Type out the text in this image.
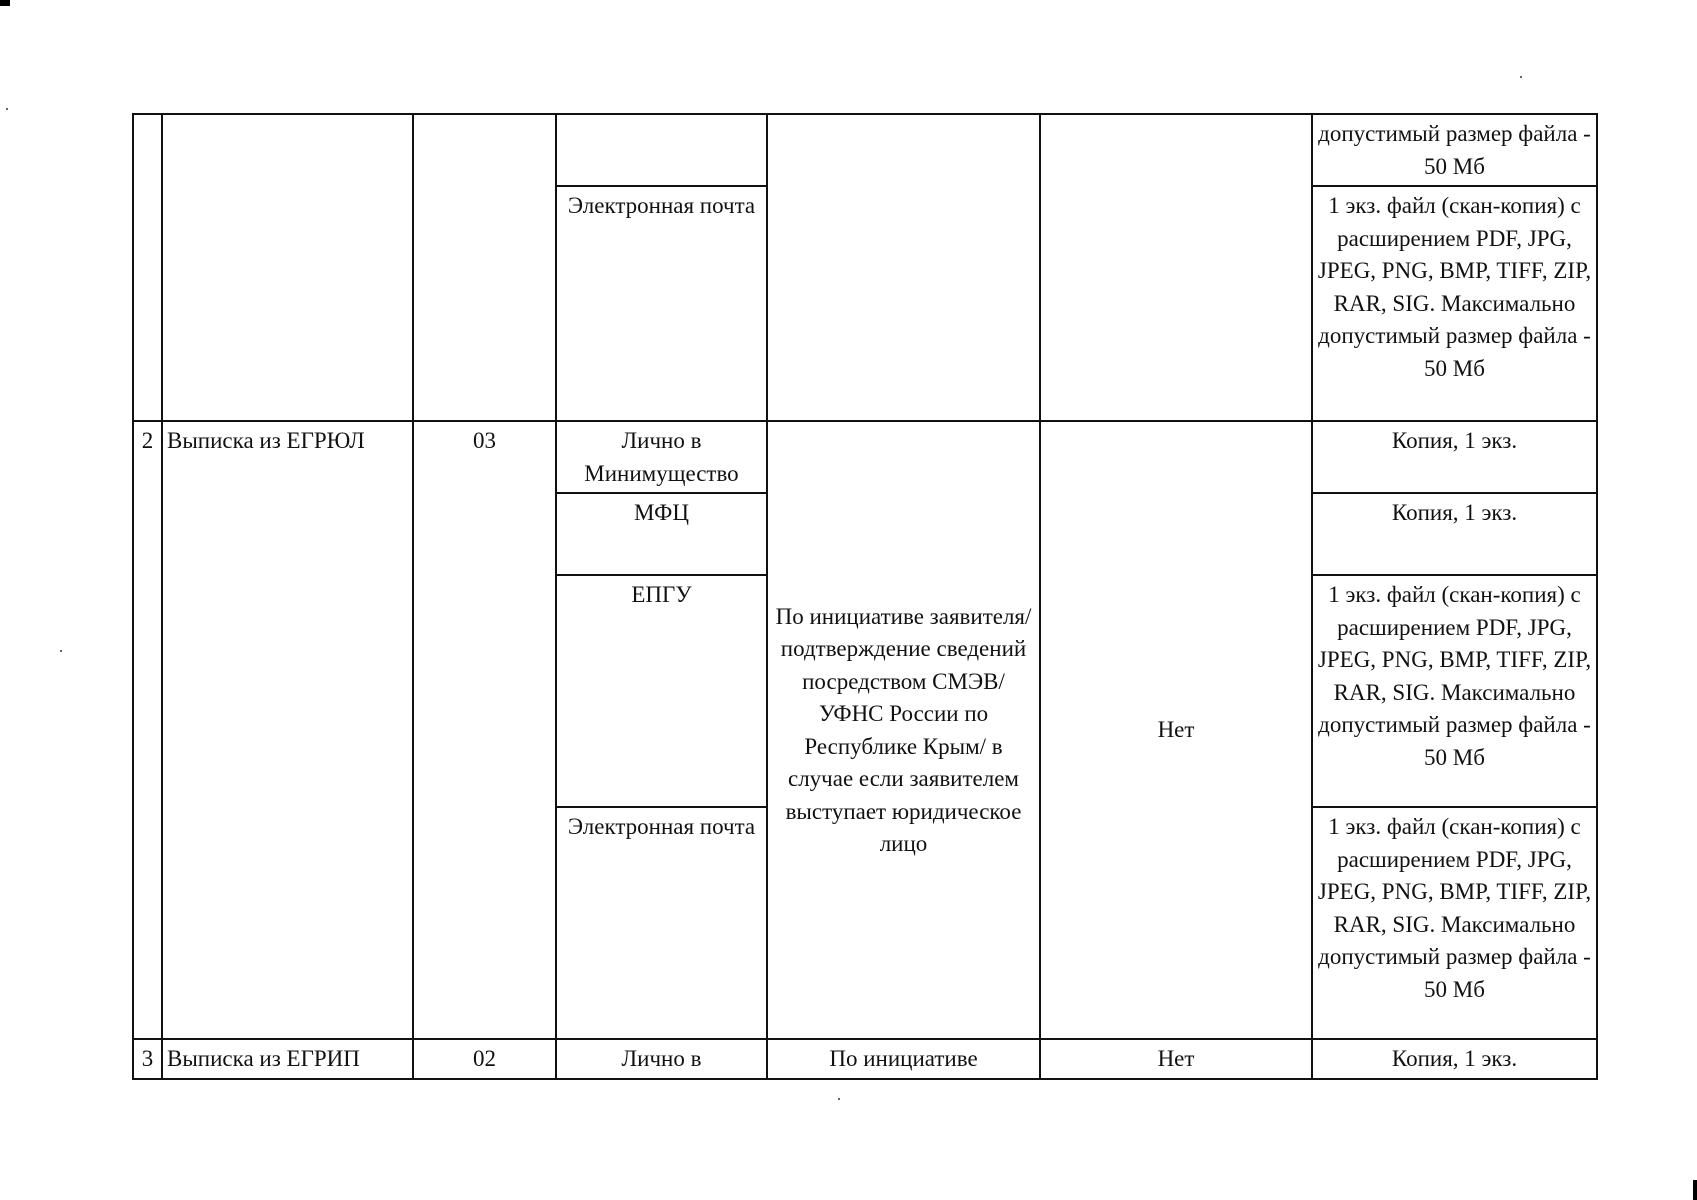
						допустимый размер файла - 50 Мб
			Электронная почта			1 экз. файл (скан-копия) с расширением PDF, JPG, JPEG, PNG, BMP, TIFF, ZIP, RAR, SIG. Максимально допустимый размер файла - 50 Мб
2	Выписка из ЕГРЮЛ	03	Лично в Минимущество	По инициативе заявителя/ подтверждение сведений посредством СМЭВ/ УФНС России по Республике Крым/ в случае если заявителем выступает юридическое лицо	Нет	Копия, 1 экз.
			МФЦ			Копия, 1 экз.
			ЕПГУ			1 экз. файл (скан-копия) с расширением PDF, JPG, JPEG, PNG, BMP, TIFF, ZIP, RAR, SIG. Максимально допустимый размер файла - 50 Мб
			Электронная почта			1 экз. файл (скан-копия) с расширением PDF, JPG, JPEG, PNG, BMP, TIFF, ZIP, RAR, SIG. Максимально допустимый размер файла - 50 Мб
3	Выписка из ЕГРИП	02	Лично в	По инициативе	Нет	Копия, 1 экз.
